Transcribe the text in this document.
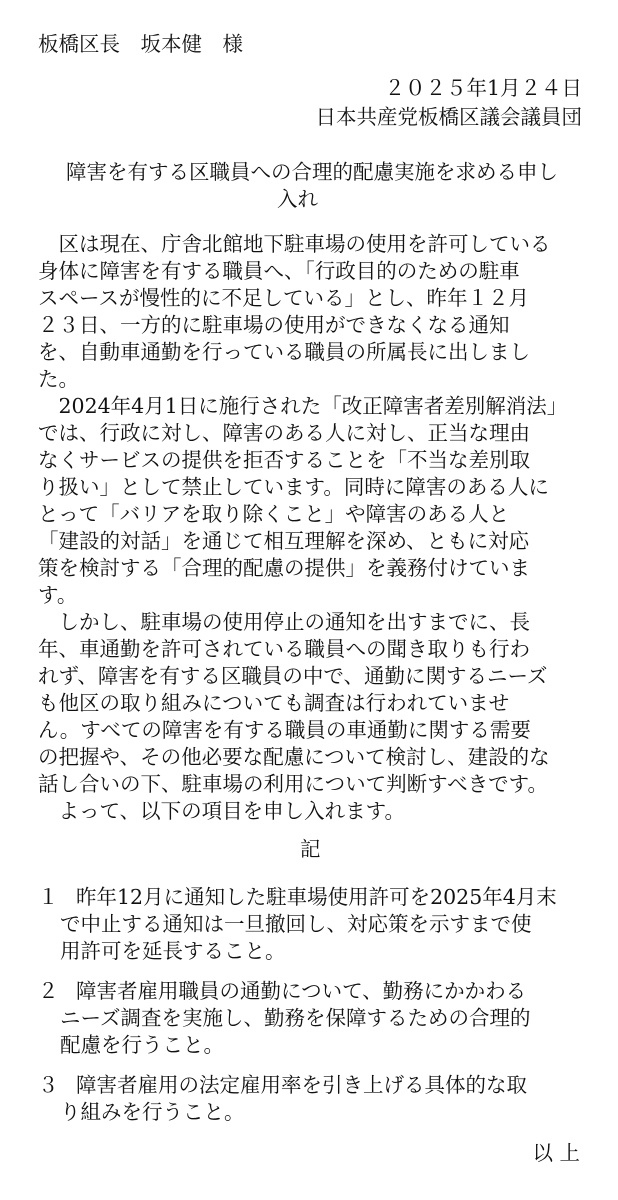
板橋区長　坂本健　様
２０２５年1月２４日
日本共産党板橋区議会議員団
障害を有する区職員への合理的配慮実施を求める申し
入れ
　区は現在、庁舎北館地下駐車場の使用を許可している
身体に障害を有する職員へ、「行政目的のための駐車
スペースが慢性的に不足している」とし、昨年１２月
２３日、一方的に駐車場の使用ができなくなる通知
を、自動車通勤を行っている職員の所属長に出しまし
た。
　2024年4月1日に施行された「改正障害者差別解消法」
では、行政に対し、障害のある人に対し、正当な理由
なくサービスの提供を拒否することを「不当な差別取
り扱い」として禁止しています。同時に障害のある人に
とって「バリアを取り除くこと」や障害のある人と
「建設的対話」を通じて相互理解を深め、ともに対応
策を検討する「合理的配慮の提供」を義務付けていま
す。
　しかし、駐車場の使用停止の通知を出すまでに、長
年、車通勤を許可されている職員への聞き取りも行わ
れず、障害を有する区職員の中で、通勤に関するニーズ
も他区の取り組みについても調査は行われていませ
ん。すべての障害を有する職員の車通勤に関する需要
の把握や、その他必要な配慮について検討し、建設的な
話し合いの下、駐車場の利用について判断すべきです。
　よって、以下の項目を申し入れます。
記
１ 昨年12月に通知した駐車場使用許可を2025年4月末
で中止する通知は一旦撤回し、対応策を示すまで使
用許可を延長すること。
２ 障害者雇用職員の通勤について、勤務にかかわる
ニーズ調査を実施し、勤務を保障するための合理的
配慮を行うこと。
３ 障害者雇用の法定雇用率を引き上げる具体的な取
り組みを行うこと。
以 上
